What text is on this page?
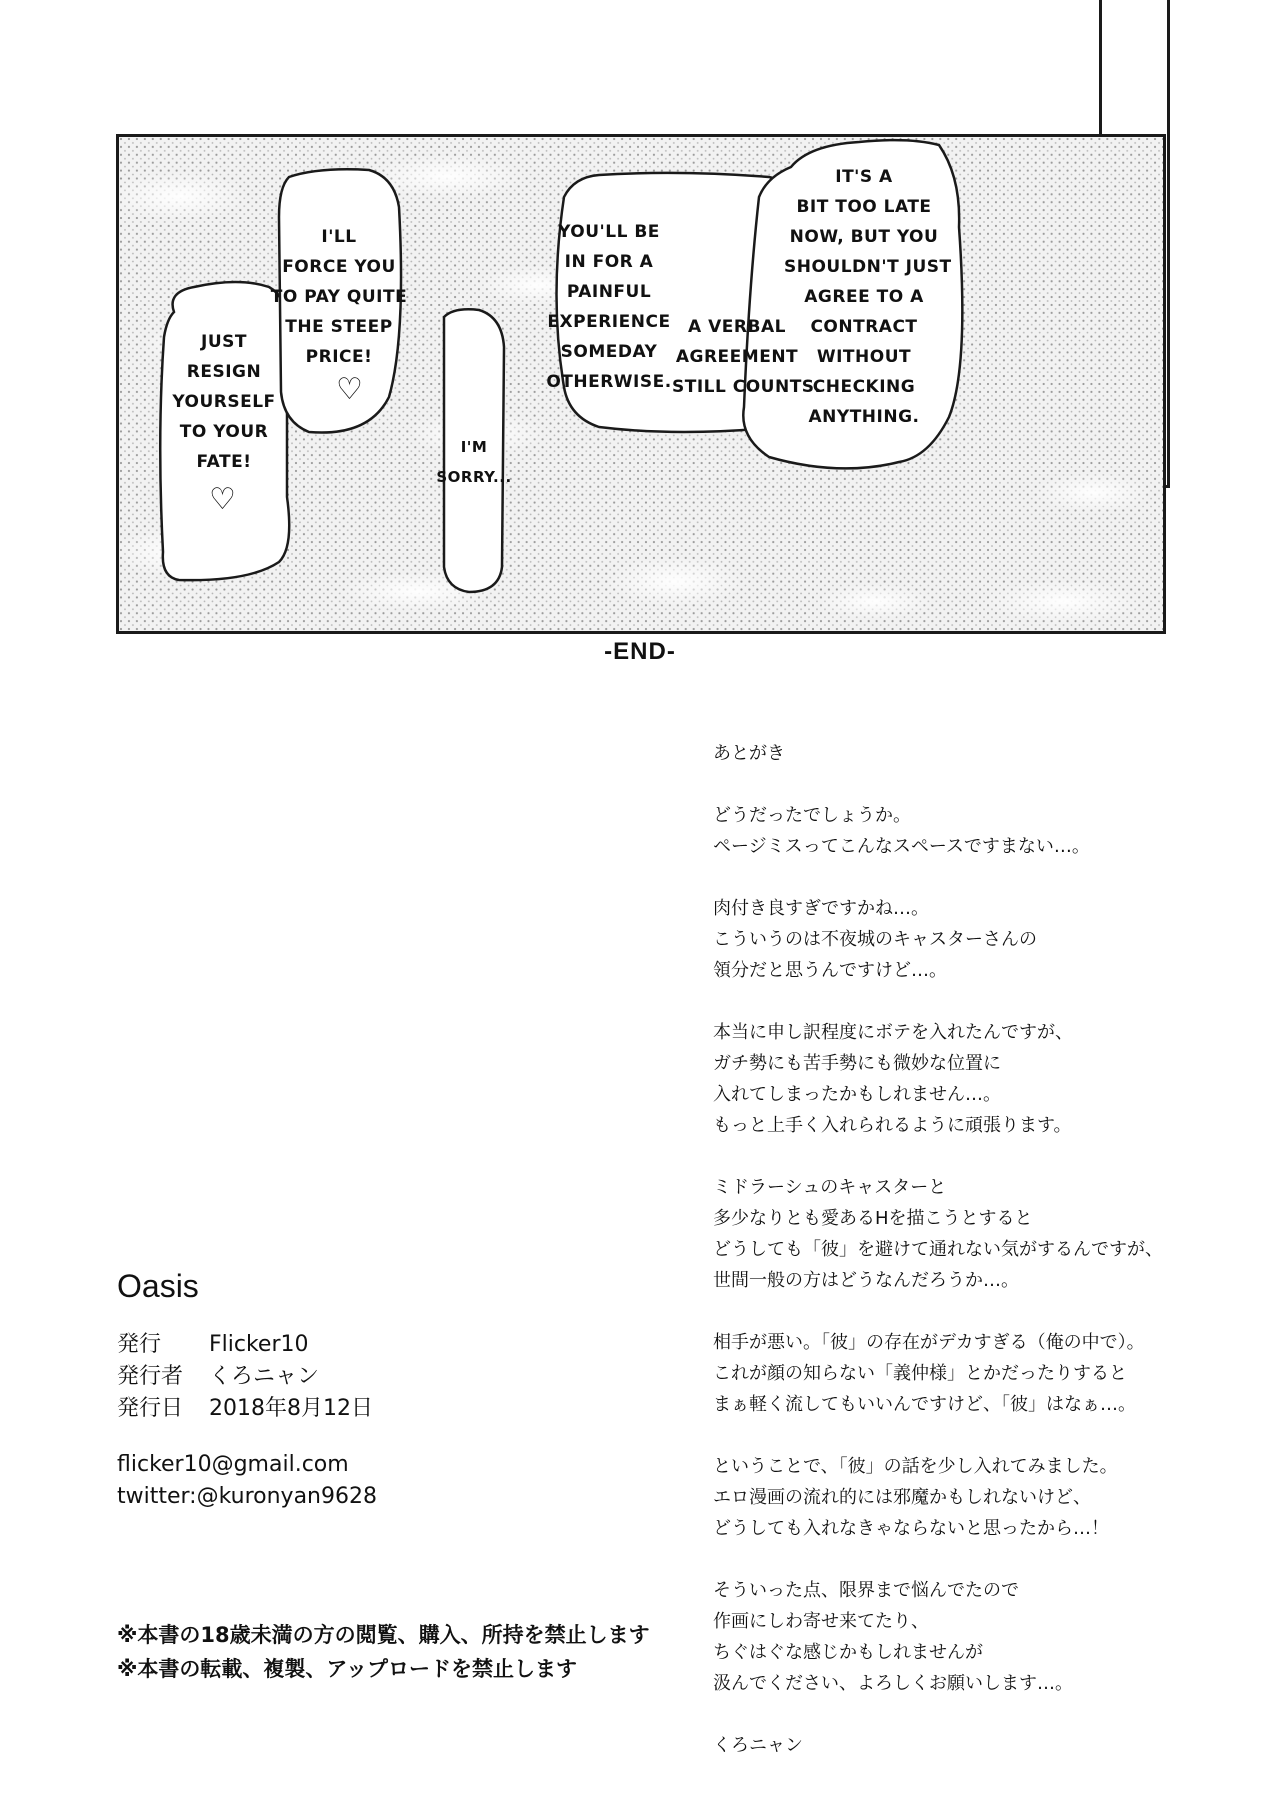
JUST
RESIGN
YOURSELF
TO YOUR
FATE!
♡
I'LL
FORCE YOU
TO PAY QUITE
THE STEEP
PRICE!
♡
I'M
SORRY...
YOU'LL BE
IN FOR A
PAINFUL
EXPERIENCE
SOMEDAY
OTHERWISE.
A VERBAL
AGREEMENT
STILL COUNTS.
IT'S A
BIT TOO LATE
NOW, BUT YOU
SHOULDN'T JUST
AGREE TO A
CONTRACT
WITHOUT
CHECKING
ANYTHING.
-END-
あとがき
どうだったでしょうか。
ページミスってこんなスペースですまない…。
肉付き良すぎですかね…。
こういうのは不夜城のキャスターさんの
領分だと思うんですけど…。
本当に申し訳程度にボテを入れたんですが、
ガチ勢にも苦手勢にも微妙な位置に
入れてしまったかもしれません…。
もっと上手く入れられるように頑張ります。
ミドラーシュのキャスターと
多少なりとも愛あるHを描こうとすると
どうしても「彼」を避けて通れない気がするんですが、
世間一般の方はどうなんだろうか…。
相手が悪い。「彼」の存在がデカすぎる（俺の中で）。
これが顔の知らない「義仲様」とかだったりすると
まぁ軽く流してもいいんですけど、「彼」はなぁ…。
ということで、「彼」の話を少し入れてみました。
エロ漫画の流れ的には邪魔かもしれないけど、
どうしても入れなきゃならないと思ったから…！
そういった点、限界まで悩んでたので
作画にしわ寄せ来てたり、
ちぐはぐな感じかもしれませんが
汲んでください、よろしくお願いします…。
くろニャン
Oasis
発行	Flicker10
発行者	くろニャン
発行日	2018年8月12日
flicker10@gmail.com
twitter:@kuronyan9628
※本書の18歳未満の方の閲覧、購入、所持を禁止します
※本書の転載、複製、アップロードを禁止します
